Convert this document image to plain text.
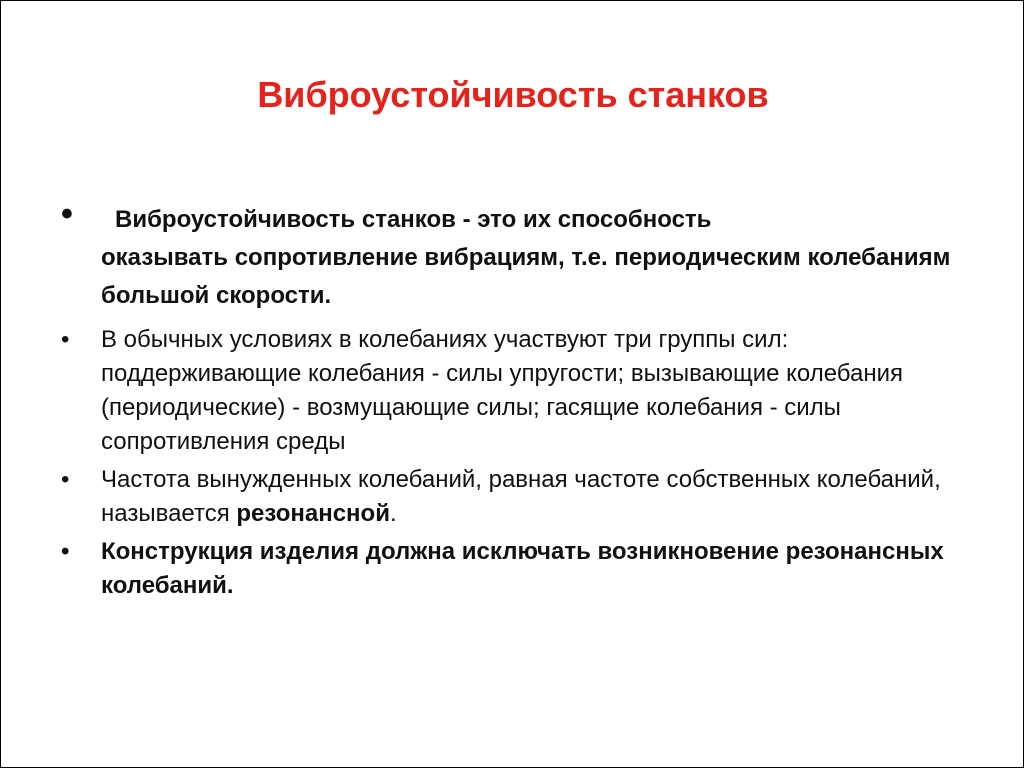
Виброустойчивость станков
•	Виброустойчивость станков - это их способность
оказывать сопротивление вибрациям, т.е. периодическим колебаниям большой скорости.
•	В обычных условиях в колебаниях участвуют три группы сил: поддерживающие колебания - силы упругости; вызывающие колебания (периодические) - возмущающие силы; гасящие колебания - силы сопротивления среды
•	Частота вынужденных колебаний, равная частоте собственных колебаний, называется резонансной.
•	Конструкция изделия должна исключать возникновение резонансных колебаний.
